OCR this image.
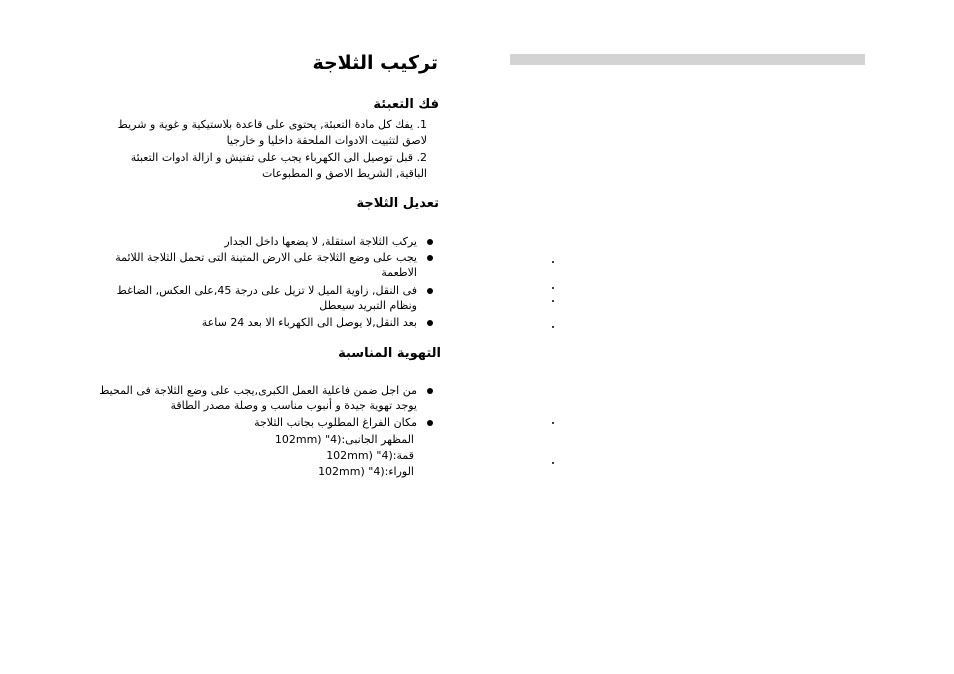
تركيب الثلاجة
فك التعبئة
1. يفك كل مادة التعبئة, يحتوى على قاعدة بلاستيكية و غوية و شريط لاصق لتثبيت الادوات الملحقة داخليا و خارجيا
2. قبل توصيل الى الكهرباء يجب على تفتيش و ازالة ادوات التعبئة الباقية, الشريط الاصق و المطبوعات
تعديل الثلاجة
يركب الثلاجة استقلة, لا يضعها داخل الجدار
يجب على وضع الثلاجة على الارض المتينة التى تحمل الثلاجة اللائمة الاطعمة
فى النقل, زاوية الميل لا تزيل على درجة 45,على العكس, الضاغط ونظام التبريد سيعطل
بعد النقل,لا يوصل الى الكهرباء الا بعد 24 ساعة
التهوية المناسبة
من اجل ضمن فاعلية العمل الكبرى,يجب على وضع الثلاجة فى المحيط يوجد تهوية جيدة و أنبوب مناسب و وصلة مصدر الطاقة
مكان الفراغ المطلوب بجانب الثلاجة
المظهر الجانبى:(4" (102mm
قمة:(4" (102mm
الوراء:(4" (102mm
